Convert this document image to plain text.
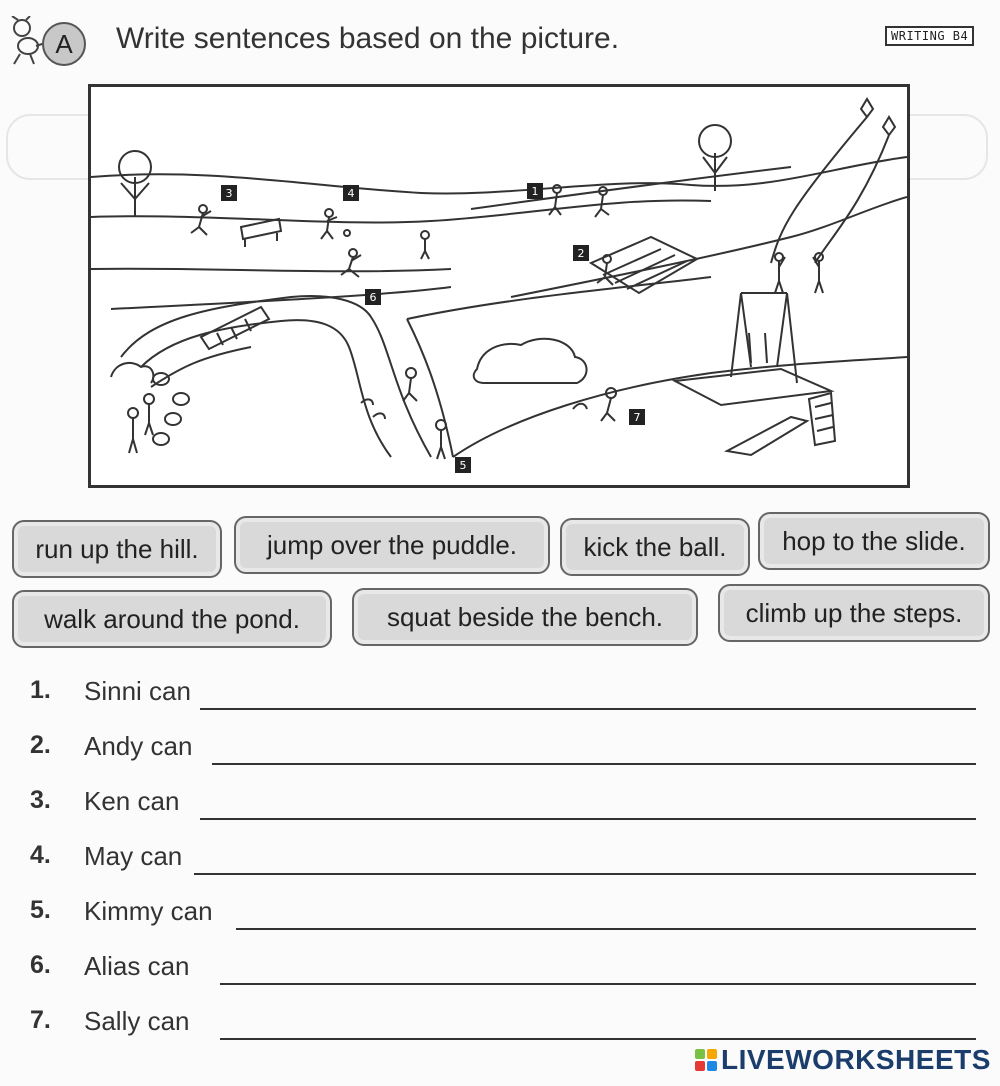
A	Write sentences based on the picture.	WRITING B4
1
2
3	4
5
6
7
run up the hill.	jump over the puddle.	kick the ball.	hop to the slide.
walk around the pond.	squat beside the bench.	climb up the steps.
1. Sinni can
2. Andy can
3. Ken can
4. May can
5. Kimmy can
6. Alias can
7. Sally can
LIVEWORKSHEETS
